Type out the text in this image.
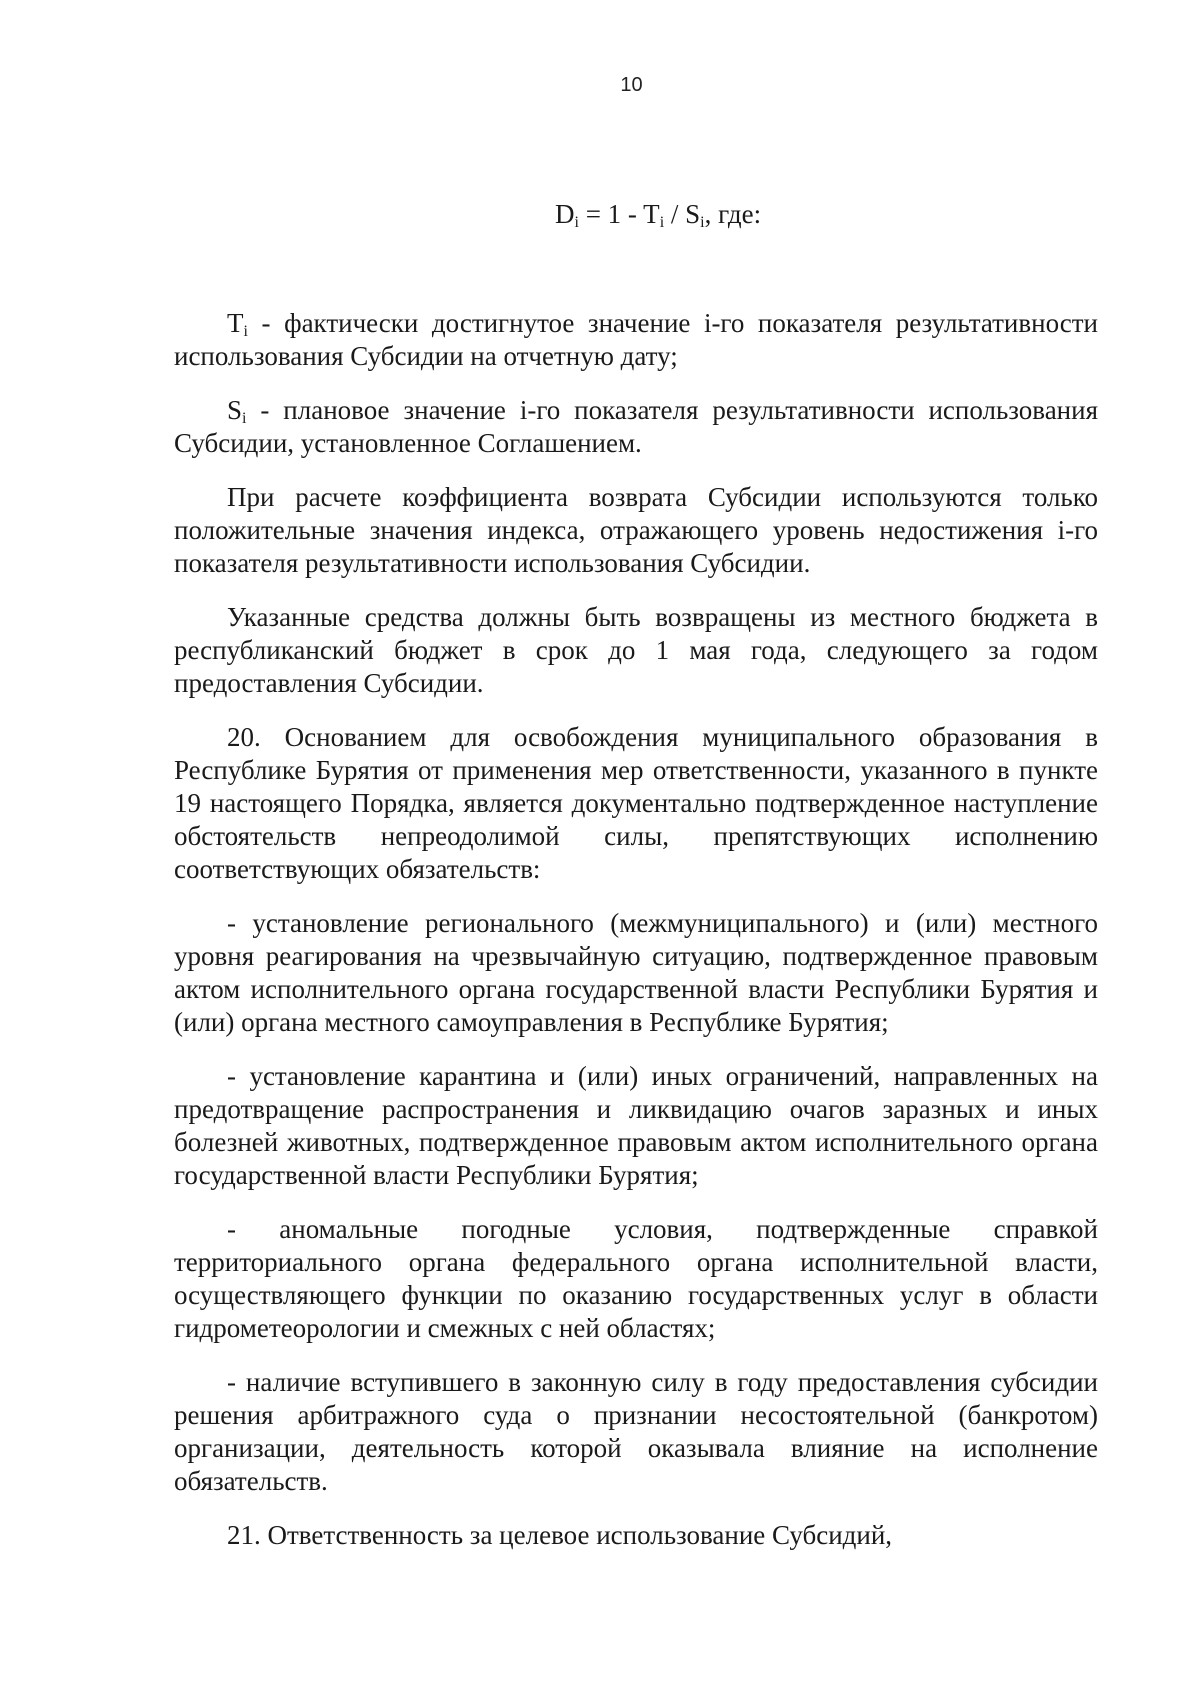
10
$D_i = 1 - T_i / S_i$, где:

$T_i$ - фактически достигнутое значение i-го показателя результативности использования Субсидии на отчетную дату;

$S_i$ - плановое значение i-го показателя результативности использования Субсидии, установленное Соглашением.

При расчете коэффициента возврата Субсидии используются только положительные значения индекса, отражающего уровень недостижения i-го показателя результативности использования Субсидии.

Указанные средства должны быть возвращены из местного бюджета в республиканский бюджет в срок до 1 мая года, следующего за годом предоставления Субсидии.

20. Основанием для освобождения муниципального образования в Республике Бурятия от применения мер ответственности, указанного в пункте 19 настоящего Порядка, является документально подтвержденное наступление обстоятельств непреодолимой силы, препятствующих исполнению соответствующих обязательств:

- установление регионального (межмуниципального) и (или) местного уровня реагирования на чрезвычайную ситуацию, подтвержденное правовым актом исполнительного органа государственной власти Республики Бурятия и (или) органа местного самоуправления в Республике Бурятия;

- установление карантина и (или) иных ограничений, направленных на предотвращение распространения и ликвидацию очагов заразных и иных болезней животных, подтвержденное правовым актом исполнительного органа государственной власти Республики Бурятия;

- аномальные погодные условия, подтвержденные справкой территориального органа федерального органа исполнительной власти, осуществляющего функции по оказанию государственных услуг в области гидрометеорологии и смежных с ней областях;

- наличие вступившего в законную силу в году предоставления субсидии решения арбитражного суда о признании несостоятельной (банкротом) организации, деятельность которой оказывала влияние на исполнение обязательств.

21. Ответственность за целевое использование Субсидий,
